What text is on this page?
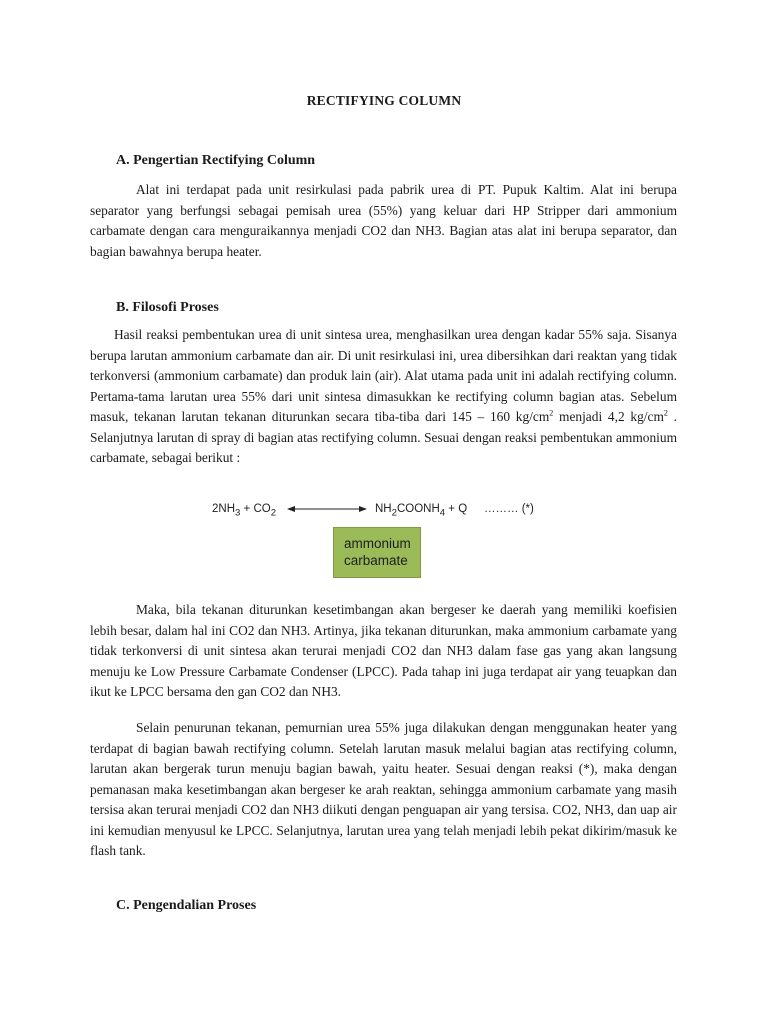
RECTIFYING COLUMN
A. Pengertian Rectifying Column

Alat ini terdapat pada unit resirkulasi pada pabrik urea di PT. Pupuk Kaltim. Alat ini berupa separator yang berfungsi sebagai pemisah urea (55%) yang keluar dari HP Stripper dari ammonium carbamate dengan cara menguraikannya menjadi CO2 dan NH3. Bagian atas alat ini berupa separator, dan bagian bawahnya berupa heater.

B. Filosofi Proses

Hasil reaksi pembentukan urea di unit sintesa urea, menghasilkan urea dengan kadar 55% saja. Sisanya berupa larutan ammonium carbamate dan air. Di unit resirkulasi ini, urea dibersihkan dari reaktan yang tidak terkonversi (ammonium carbamate) dan produk lain (air). Alat utama pada unit ini adalah rectifying column. Pertama-tama larutan urea 55% dari unit sintesa dimasukkan ke rectifying column bagian atas. Sebelum masuk, tekanan larutan tekanan diturunkan secara tiba-tiba dari 145 – 160 $kg/cm^2$ menjadi 4,2 $kg/cm^2$ . Selanjutnya larutan di spray di bagian atas rectifying column. Sesuai dengan reaksi pembentukan ammonium carbamate, sebagai berikut :

$2NH_3 + CO_2$	$NH_2COONH_4 + Q$ ……… (*)
ammonium
carbamate

Maka, bila tekanan diturunkan kesetimbangan akan bergeser ke daerah yang memiliki koefisien lebih besar, dalam hal ini CO2 dan NH3. Artinya, jika tekanan diturunkan, maka ammonium carbamate yang tidak terkonversi di unit sintesa akan terurai menjadi CO2 dan NH3 dalam fase gas yang akan langsung menuju ke Low Pressure Carbamate Condenser (LPCC). Pada tahap ini juga terdapat air yang teuapkan dan ikut ke LPCC bersama den gan CO2 dan NH3.

Selain penurunan tekanan, pemurnian urea 55% juga dilakukan dengan menggunakan heater yang terdapat di bagian bawah rectifying column. Setelah larutan masuk melalui bagian atas rectifying column, larutan akan bergerak turun menuju bagian bawah, yaitu heater. Sesuai dengan reaksi (*), maka dengan pemanasan maka kesetimbangan akan bergeser ke arah reaktan, sehingga ammonium carbamate yang masih tersisa akan terurai menjadi CO2 dan NH3 diikuti dengan penguapan air yang tersisa. CO2, NH3, dan uap air ini kemudian menyusul ke LPCC. Selanjutnya, larutan urea yang telah menjadi lebih pekat dikirim/masuk ke flash tank.

C. Pengendalian Proses
